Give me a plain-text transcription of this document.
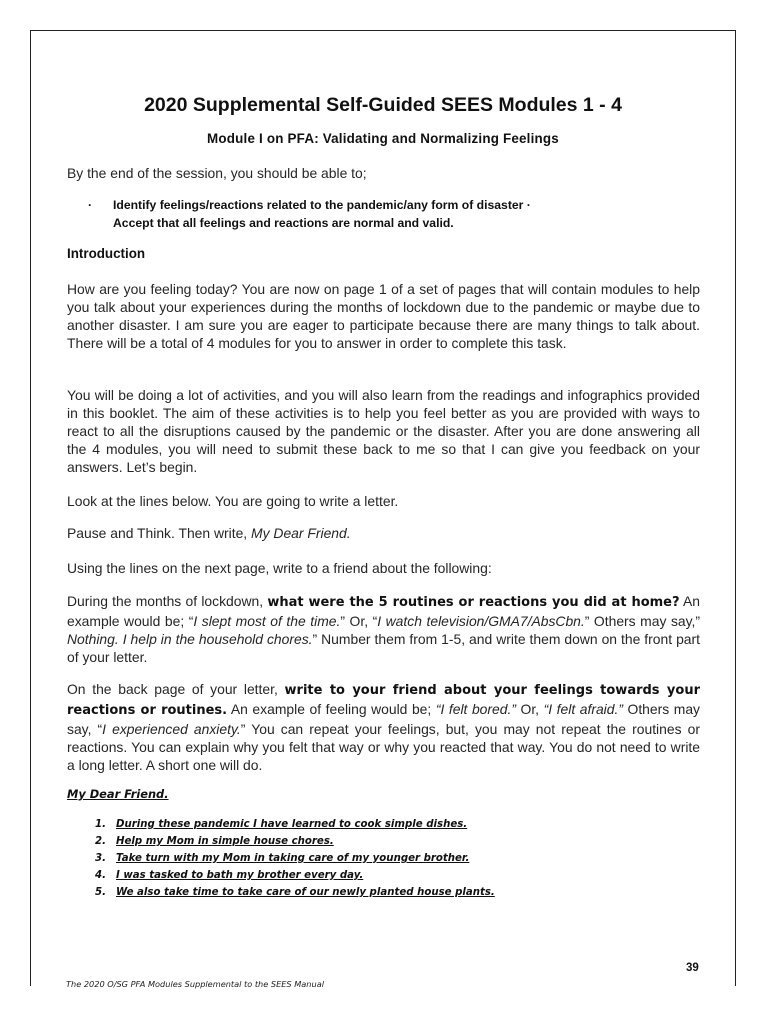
2020 Supplemental Self-Guided SEES Modules 1 - 4
Module I on PFA: Validating and Normalizing Feelings
By the end of the session, you should be able to;
· Identify feelings/reactions related to the pandemic/any form of disaster ·
Accept that all feelings and reactions are normal and valid.
Introduction
How are you feeling today? You are now on page 1 of a set of pages that will contain modules to help you talk about your experiences during the months of lockdown due to the pandemic or maybe due to another disaster. I am sure you are eager to participate because there are many things to talk about. There will be a total of 4 modules for you to answer in order to complete this task.
You will be doing a lot of activities, and you will also learn from the readings and infographics provided in this booklet. The aim of these activities is to help you feel better as you are provided with ways to react to all the disruptions caused by the pandemic or the disaster. After you are done answering all the 4 modules, you will need to submit these back to me so that I can give you feedback on your answers. Let’s begin.
Look at the lines below. You are going to write a letter.
Pause and Think. Then write, My Dear Friend.
Using the lines on the next page, write to a friend about the following:
During the months of lockdown, what were the 5 routines or reactions you did at home? An example would be; “I slept most of the time.” Or, “I watch television/GMA7/AbsCbn.” Others may say,” Nothing. I help in the household chores.” Number them from 1-5, and write them down on the front part of your letter.
On the back page of your letter, write to your friend about your feelings towards your reactions or routines. An example of feeling would be; “I felt bored.” Or, “I felt afraid.” Others may say, “I experienced anxiety.” You can repeat your feelings, but, you may not repeat the routines or reactions. You can explain why you felt that way or why you reacted that way. You do not need to write a long letter. A short one will do.
My Dear Friend.
1. During these pandemic I have learned to cook simple dishes.
2. Help my Mom in simple house chores.
3. Take turn with my Mom in taking care of my younger brother.
4. I was tasked to bath my brother every day.
5. We also take time to take care of our newly planted house plants.
39
The 2020 O/SG PFA Modules Supplemental to the SEES Manual
